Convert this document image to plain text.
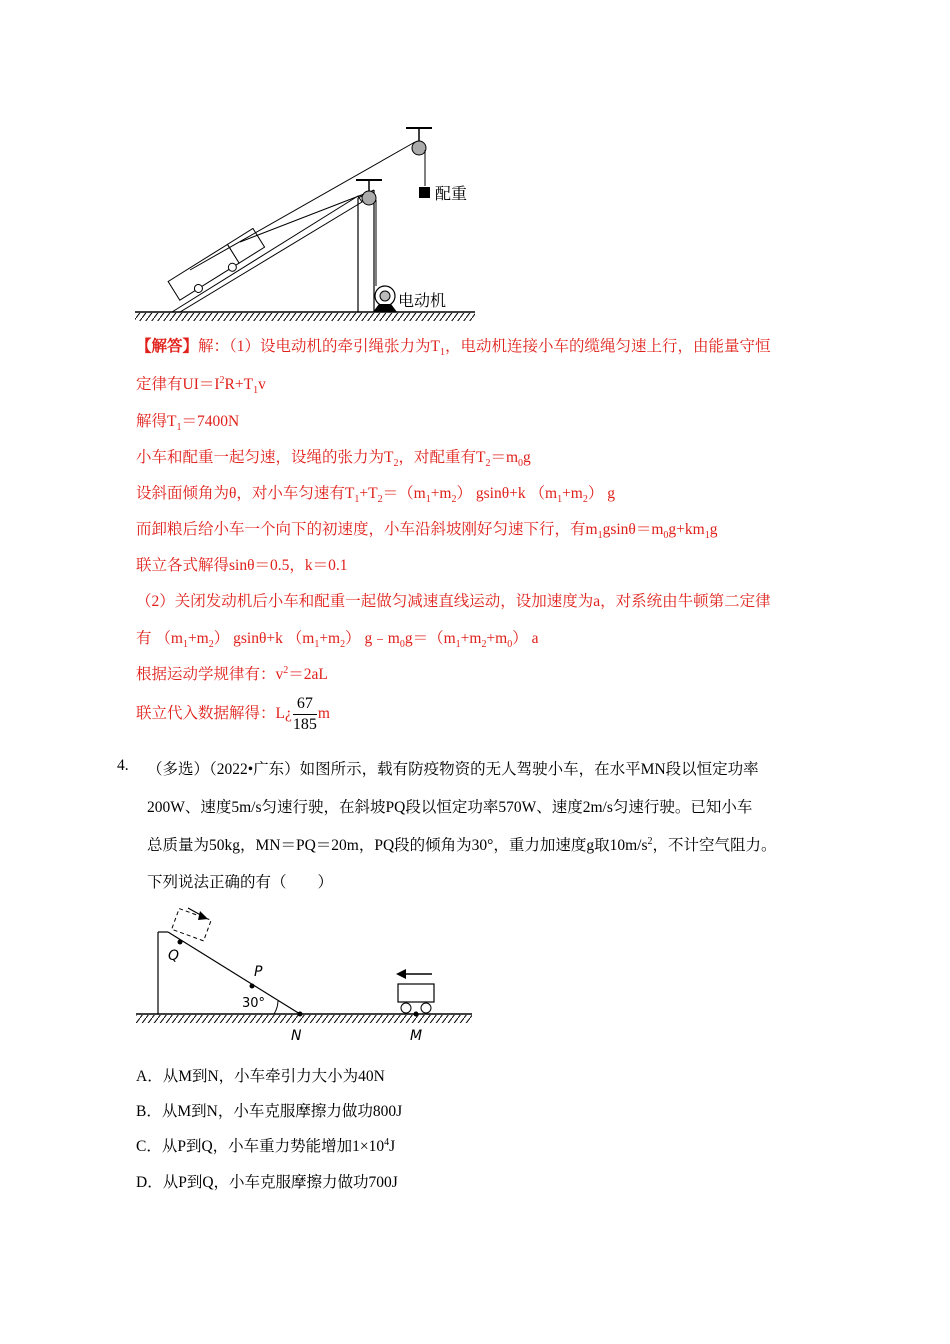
配重
电动机
【解答】解：（1）设电动机的牵引绳张力为$T_1$，电动机连接小车的缆绳匀速上行，由能量守恒
定律有$UI=I^2R+T_1v$
解得$T_1=7400N$
小车和配重一起匀速，设绳的张力为$T_2$，对配重有$T_2=m_0g$
设斜面倾角为θ，对小车匀速有$T_1+T_2=(m_1+m_2)$ gsinθ+k $(m_1+m_2)$ g
而卸粮后给小车一个向下的初速度，小车沿斜坡刚好匀速下行，有$m_1gsin\theta=m_0g+km_1g$
联立各式解得sinθ＝0.5，k＝0.1
（2）关闭发动机后小车和配重一起做匀减速直线运动，设加速度为a，对系统由牛顿第二定律
有 $(m_1+m_2)$ gsinθ+k $(m_1+m_2)$ $g﹣m_0g=(m_1+m_2+m_0)$ a
根据运动学规律有：$v^2=2aL$
联立代入数据解得：L¿ $\frac{67}{185}$ m
4. （多选）（2022•广东）如图所示，载有防疫物资的无人驾驶小车，在水平MN段以恒定功率
200W、速度5m/s匀速行驶，在斜坡PQ段以恒定功率570W、速度2m/s匀速行驶。已知小车
总质量为50kg，MN＝PQ＝20m，PQ段的倾角为30°，重力加速度g取$10m/s^2$，不计空气阻力。
下列说法正确的有（　　）
Q
P
30°
N	M
A．从M到N，小车牵引力大小为40N
B．从M到N，小车克服摩擦力做功800J
C．从P到Q，小车重力势能增加$1\times 10^4J$
D．从P到Q，小车克服摩擦力做功700J
